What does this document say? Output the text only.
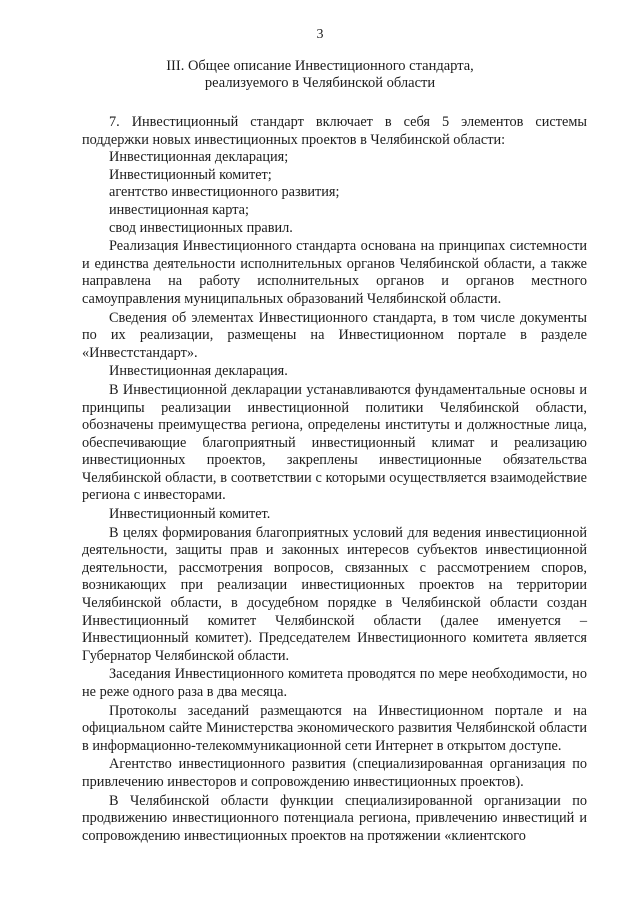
3
III. Общее описание Инвестиционного стандарта,
реализуемого в Челябинской области

7. Инвестиционный стандарт включает в себя 5 элементов системы поддержки новых инвестиционных проектов в Челябинской области:

Инвестиционная декларация;

Инвестиционный комитет;

агентство инвестиционного развития;

инвестиционная карта;

свод инвестиционных правил.

Реализация Инвестиционного стандарта основана на принципах системности и единства деятельности исполнительных органов Челябинской области, а также направлена на работу исполнительных органов и органов местного самоуправления муниципальных образований Челябинской области.

Сведения об элементах Инвестиционного стандарта, в том числе документы по их реализации, размещены на Инвестиционном портале в разделе «Инвестстандарт».

Инвестиционная декларация.

В Инвестиционной декларации устанавливаются фундаментальные основы и принципы реализации инвестиционной политики Челябинской области, обозначены преимущества региона, определены институты и должностные лица, обеспечивающие благоприятный инвестиционный климат и реализацию инвестиционных проектов, закреплены инвестиционные обязательства Челябинской области, в соответствии с которыми осуществляется взаимодействие региона с инвесторами.

Инвестиционный комитет.

В целях формирования благоприятных условий для ведения инвестиционной деятельности, защиты прав и законных интересов субъектов инвестиционной деятельности, рассмотрения вопросов, связанных с рассмотрением споров, возникающих при реализации инвестиционных проектов на территории Челябинской области, в досудебном порядке в Челябинской области создан Инвестиционный комитет Челябинской области (далее именуется – Инвестиционный комитет). Председателем Инвестиционного комитета является Губернатор Челябинской области.

Заседания Инвестиционного комитета проводятся по мере необходимости, но не реже одного раза в два месяца.

Протоколы заседаний размещаются на Инвестиционном портале и на официальном сайте Министерства экономического развития Челябинской области в информационно-телекоммуникационной сети Интернет в открытом доступе.

Агентство инвестиционного развития (специализированная организация по привлечению инвесторов и сопровождению инвестиционных проектов).

В Челябинской области функции специализированной организации по продвижению инвестиционного потенциала региона, привлечению инвестиций и сопровождению инвестиционных проектов на протяжении «клиентского
